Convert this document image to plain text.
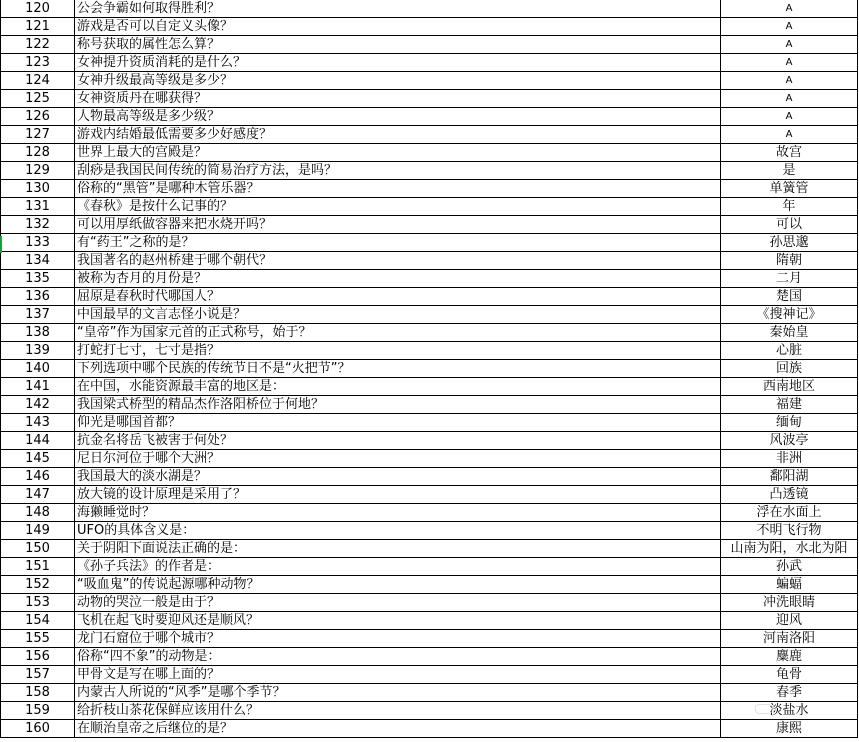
120	公会争霸如何取得胜利？	A
121	游戏是否可以自定义头像？	A
122	称号获取的属性怎么算？	A
123	女神提升资质消耗的是什么？	A
124	女神升级最高等级是多少？	A
125	女神资质丹在哪获得？	A
126	人物最高等级是多少级？	A
127	游戏内结婚最低需要多少好感度？	A
128	世界上最大的宫殿是？	故宫
129	刮痧是我国民间传统的简易治疗方法，是吗？	是
130	俗称的“黑管”是哪种木管乐器？	单簧管
131	《春秋》是按什么记事的？	年
132	可以用厚纸做容器来把水烧开吗？	可以
133	有“药王”之称的是？	孙思邈
134	我国著名的赵州桥建于哪个朝代？	隋朝
135	被称为杏月的月份是？	二月
136	屈原是春秋时代哪国人？	楚国
137	中国最早的文言志怪小说是？	《搜神记》
138	“皇帝”作为国家元首的正式称号，始于？	秦始皇
139	打蛇打七寸，七寸是指？	心脏
140	下列选项中哪个民族的传统节日不是“火把节”？	回族
141	在中国，水能资源最丰富的地区是：	西南地区
142	我国梁式桥型的精品杰作洛阳桥位于何地？	福建
143	仰光是哪国首都？	缅甸
144	抗金名将岳飞被害于何处？	风波亭
145	尼日尔河位于哪个大洲？	非洲
146	我国最大的淡水湖是？	鄱阳湖
147	放大镜的设计原理是采用了？	凸透镜
148	海獭睡觉时？	浮在水面上
149	UFO的具体含义是：	不明飞行物
150	关于阴阳下面说法正确的是：	山南为阳，水北为阳
151	《孙子兵法》的作者是：	孙武
152	“吸血鬼”的传说起源哪种动物？	蝙蝠
153	动物的哭泣一般是由于？	冲洗眼睛
154	飞机在起飞时要迎风还是顺风？	迎风
155	龙门石窟位于哪个城市？	河南洛阳
156	俗称“四不象”的动物是：	麋鹿
157	甲骨文是写在哪上面的？	龟骨
158	内蒙古人所说的“风季”是哪个季节？	春季
159	给折枝山茶花保鲜应该用什么？	淡盐水
160	在顺治皇帝之后继位的是？	康熙
